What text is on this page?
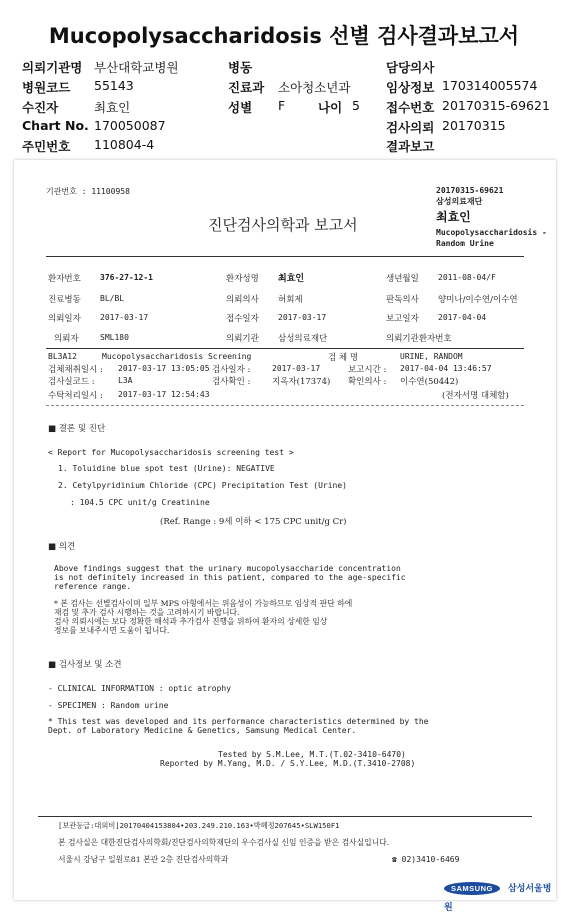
Mucopolysaccharidosis 선별 검사결과보고서
의뢰기관명 부산대학교병원	병동	담당의사
병원코드 55143	진료과 소아청소년과	임상정보 170314005574
수진자	최효인	성별 F	나이 5 접수번호 20170315-69621
Chart No. 170050087	검사의뢰 20170315
주민번호 110804-4	결과보고
기관번호 : 11100958
진단검사의학과 보고서
20170315-69621
삼성의료재단
최효인
Mucopolysaccharidosis -
Random Urine
환자번호 376-27-12-1	환자성명 최효인	생년월일 2011-08-04/F
진료병동 BL/BL	의뢰의사 허회제	판독의사 양미나/이수연/이수연
의뢰일자 2017-03-17	접수일자 2017-03-17	보고일자 2017-04-04
의뢰자	SML180	의뢰기관 삼성의료재단	의뢰기관환자번호
BL3A12	Mucopolysaccharidosis Screening	검 체 명	URINE, RANDOM
검체채취일시 : 2017-03-17 13:05:05 검사일자 :	2017-03-17	보고시간 : 2017-04-04 13:46:57
검사실코드 :	L3A	검사확인 :	지옥자(17374) 확인의사 : 이수연(50442)
수탁처리일시 : 2017-03-17 12:54:43	(전자서명 대체함)
■ 결론 및 진단
< Report for Mucopolysaccharidosis screening test >
1. Toluidine blue spot test (Urine): NEGATIVE
2. Cetylpyridinium Chloride (CPC) Precipitation Test (Urine)
: 104.5 CPC unit/g Creatinine
(Ref. Range : 9세 이하 < 175 CPC unit/g Cr)
■ 의견
Above findings suggest that the urinary mucopolysaccharide concentration
is not definitely increased in this patient, compared to the age-specific
reference range.
* 본 검사는 선별검사이며 일부 MPS 아형에서는 위음성이 가능하므로 임상적 판단 하에
재검 및 추가 검사 시행하는 것을 고려하시기 바랍니다.
검사 의뢰시에는 보다 정확한 해석과 추가검사 진행을 위하여 환자의 상세한 임상
정보를 보내주시면 도움이 됩니다.
■ 검사정보 및 소견
- CLINICAL INFORMATION : optic atrophy
- SPECIMEN : Random urine
* This test was developed and its performance characteristics determined by the
Dept. of Laboratory Medicine & Genetics, Samsung Medical Center.
Tested by S.M.Lee, M.T.(T.02-3410-6470)
Reported by M.Yang, M.D. / S.Y.Lee, M.D.(T.3410-2708)
[보관등급:대외비]20170404153804•203.249.210.163•박혜정207645•SLW150F1
본 검사실은 대한진단검사의학회/진단검사의학재단의 우수검사실 신임 인증을 받은 검사실입니다.
서울시 강남구 일원로81 본관 2층 진단검사의학과	☎ 02)3410-6469
SAMSUNG 삼성서울병원
